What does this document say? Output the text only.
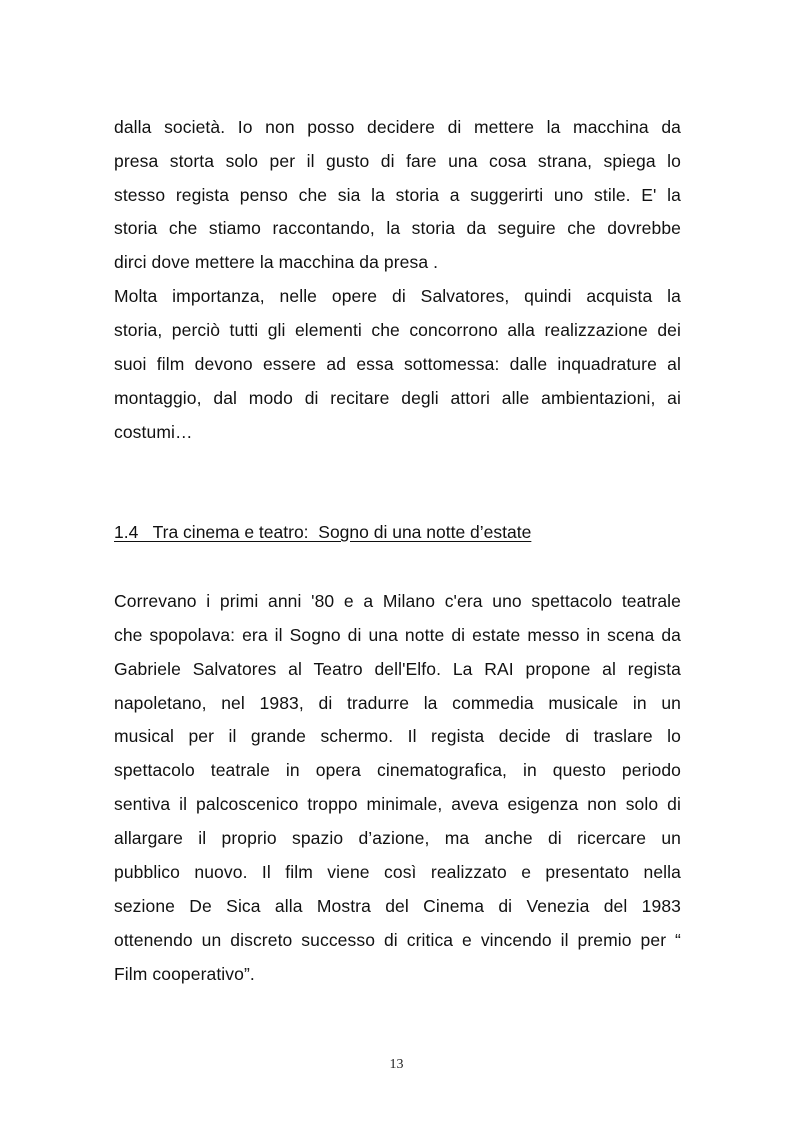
dalla società. Io non posso decidere di mettere la macchina da
presa storta solo per il gusto di fare una cosa strana, spiega lo
stesso regista penso che sia la storia a suggerirti uno stile. E' la
storia che stiamo raccontando, la storia da seguire che dovrebbe
dirci dove mettere la macchina da presa .
Molta importanza, nelle opere di Salvatores, quindi acquista la
storia, perciò tutti gli elementi che concorrono alla realizzazione dei
suoi film devono essere ad essa sottomessa: dalle inquadrature al
montaggio, dal modo di recitare degli attori alle ambientazioni, ai
costumi…
1.4   Tra cinema e teatro:  Sogno di una notte d’estate
Correvano i primi anni '80 e a Milano c'era uno spettacolo teatrale
che spopolava: era il Sogno di una notte di estate messo in scena da
Gabriele Salvatores al Teatro dell'Elfo. La RAI propone al regista
napoletano, nel 1983, di tradurre la commedia musicale in un
musical per il grande schermo. Il regista decide di traslare lo
spettacolo teatrale in opera cinematografica, in questo periodo
sentiva il palcoscenico troppo minimale, aveva esigenza non solo di
allargare il proprio spazio d’azione, ma anche di ricercare un
pubblico nuovo. Il film viene così realizzato e presentato nella
sezione De Sica alla Mostra del Cinema di Venezia del 1983
ottenendo un discreto successo di critica e vincendo il premio per “
Film cooperativo”.
13
